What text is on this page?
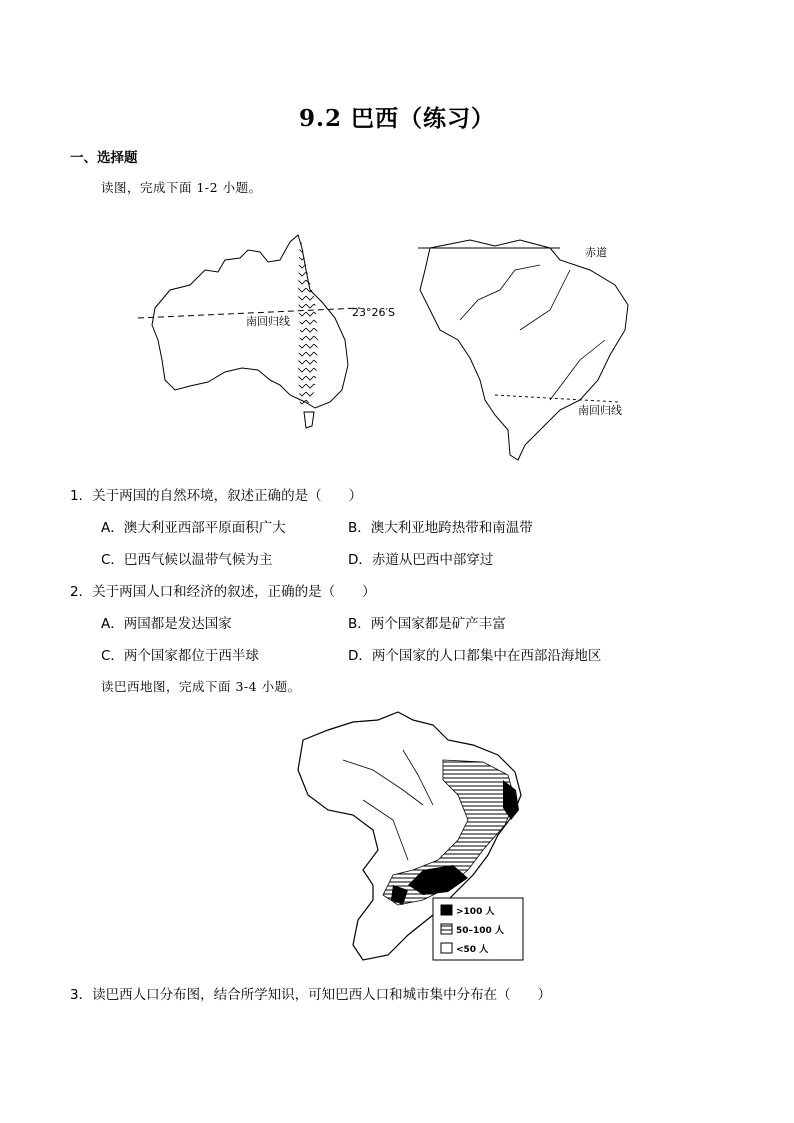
9.2 巴西（练习）
一、选择题
读图，完成下面 1-2 小题。
南回归线
23°26′S
赤道
南回归线
1．关于两国的自然环境，叙述正确的是（　　）
A．澳大利亚西部平原面积广大	B．澳大利亚地跨热带和南温带
C．巴西气候以温带气候为主	D．赤道从巴西中部穿过
2．关于两国人口和经济的叙述，正确的是（　　）
A．两国都是发达国家	B．两个国家都是矿产丰富
C．两个国家都位于西半球	D．两个国家的人口都集中在西部沿海地区
读巴西地图，完成下面 3-4 小题。
>100 人
50–100 人
<50 人
3．读巴西人口分布图，结合所学知识，可知巴西人口和城市集中分布在（　　）
